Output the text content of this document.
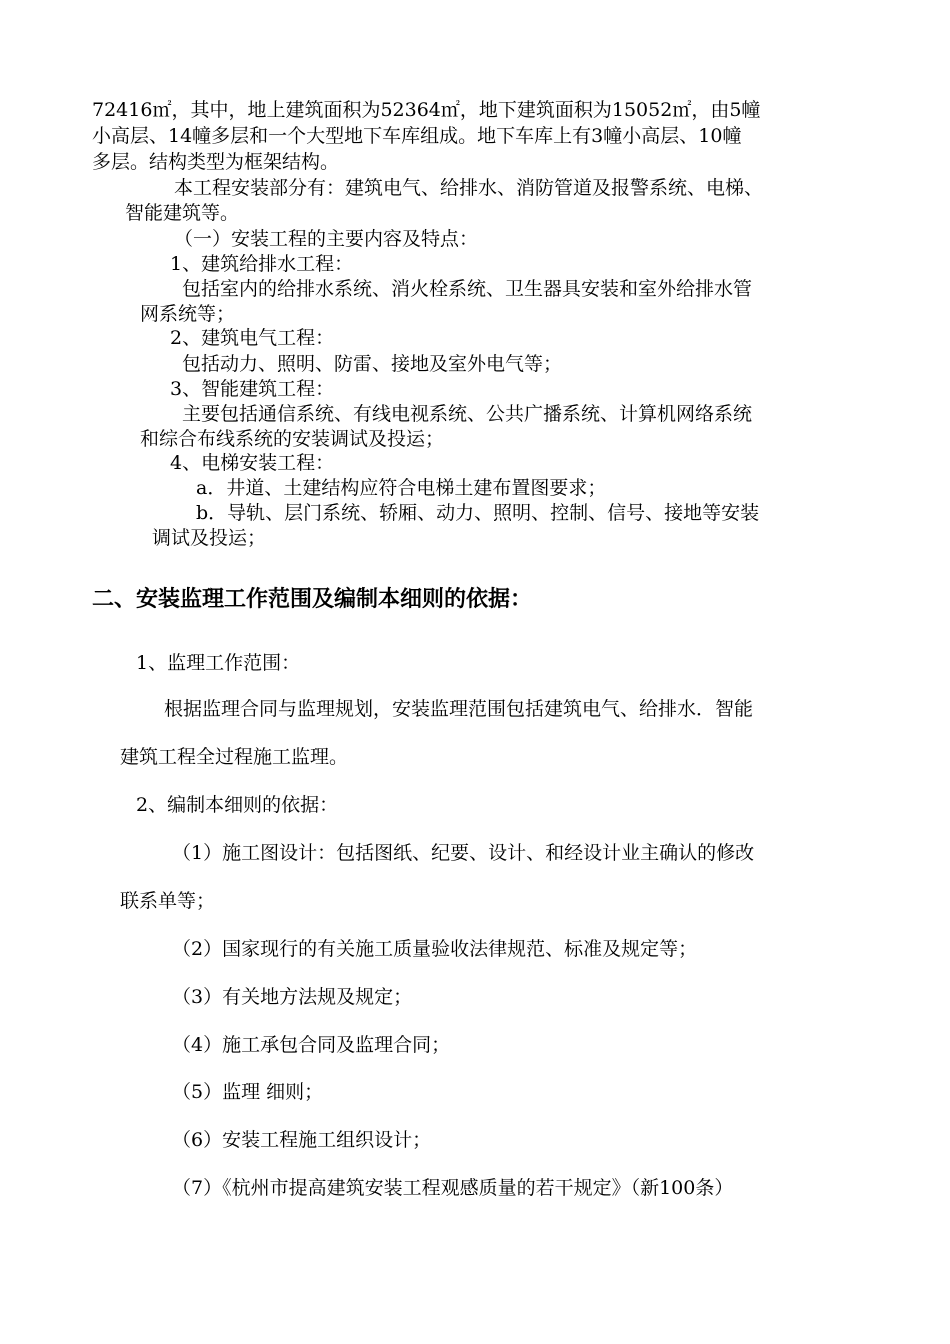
72416㎡，其中，地上建筑面积为52364㎡，地下建筑面积为15052㎡，由5幢
小高层、14幢多层和一个大型地下车库组成。地下车库上有3幢小高层、10幢
多层。结构类型为框架结构。
本工程安装部分有：建筑电气、给排水、消防管道及报警系统、电梯、
智能建筑等。
（一）安装工程的主要内容及特点：
1、建筑给排水工程：
包括室内的给排水系统、消火栓系统、卫生器具安装和室外给排水管
网系统等；
2、建筑电气工程：
包括动力、照明、防雷、接地及室外电气等；
3、智能建筑工程：
主要包括通信系统、有线电视系统、公共广播系统、计算机网络系统
和综合布线系统的安装调试及投运；
4、电梯安装工程：
a．井道、土建结构应符合电梯土建布置图要求；
b．导轨、层门系统、轿厢、动力、照明、控制、信号、接地等安装
调试及投运；
二、安装监理工作范围及编制本细则的依据：
1、监理工作范围：
根据监理合同与监理规划，安装监理范围包括建筑电气、给排水．智能
建筑工程全过程施工监理。
2、编制本细则的依据：
（1）施工图设计：包括图纸、纪要、设计、和经设计业主确认的修改
联系单等；
（2）国家现行的有关施工质量验收法律规范、标准及规定等；
（3）有关地方法规及规定；
（4）施工承包合同及监理合同；
（5）监理 细则；
（6）安装工程施工组织设计；
（7）《杭州市提高建筑安装工程观感质量的若干规定》（新100条）
